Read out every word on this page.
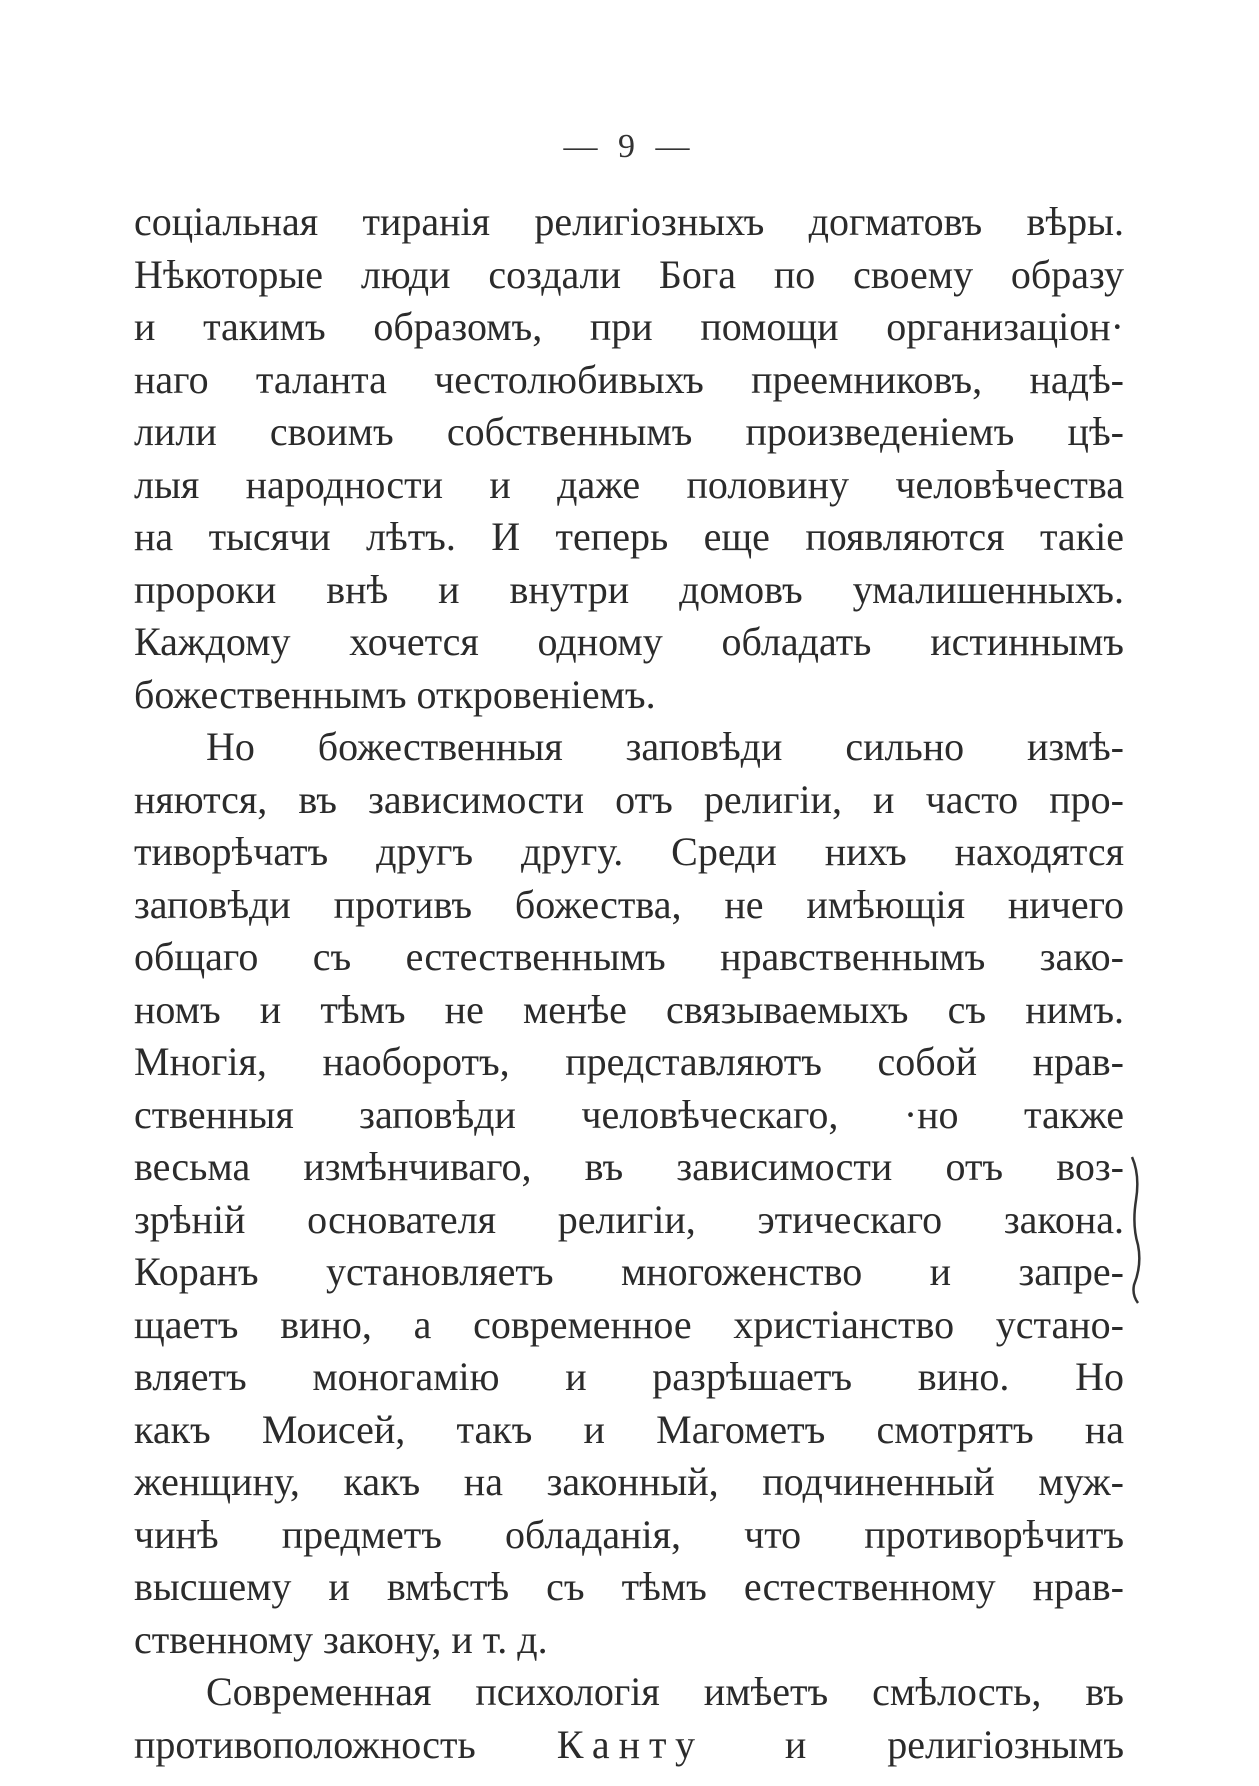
— 9 —
соціальная тиранія религіозныхъ догматовъ вѣры.
Нѣкоторые люди создали Бога по своему образу
и такимъ образомъ, при помощи организаціон·
наго таланта честолюбивыхъ преемниковъ, надѣ-
лили своимъ собственнымъ произведеніемъ цѣ-
лыя народности и даже половину человѣчества
на тысячи лѣтъ. И теперь еще появляются такіе
пророки внѣ и внутри домовъ умалишенныхъ.
Каждому хочется одному обладать истиннымъ
божественнымъ откровеніемъ.
Но божественныя заповѣди сильно измѣ-
няются, въ зависимости отъ религіи, и часто про-
тиворѣчатъ другъ другу. Среди нихъ находятся
заповѣди противъ божества, не имѣющія ничего
общаго съ естественнымъ нравственнымъ зако-
номъ и тѣмъ не менѣе связываемыхъ съ нимъ.
Многія, наоборотъ, представляютъ собой нрав-
ственныя заповѣди человѣческаго, ·но также
весьма измѣнчиваго, въ зависимости отъ воз-
зрѣній основателя религіи, этическаго закона.
Коранъ установляетъ многоженство и запре-
щаетъ вино, а современное христіанство устано-
вляетъ моногамію и разрѣшаетъ вино. Но
какъ Моисей, такъ и Магометъ смотрятъ на
женщину, какъ на законный, подчиненный муж-
чинѣ предметъ обладанія, что противорѣчитъ
высшему и вмѣстѣ съ тѣмъ естественному нрав-
ственному закону, и т. д.
Современная психологія имѣетъ смѣлость, въ
противоположность Канту и религіознымъ
